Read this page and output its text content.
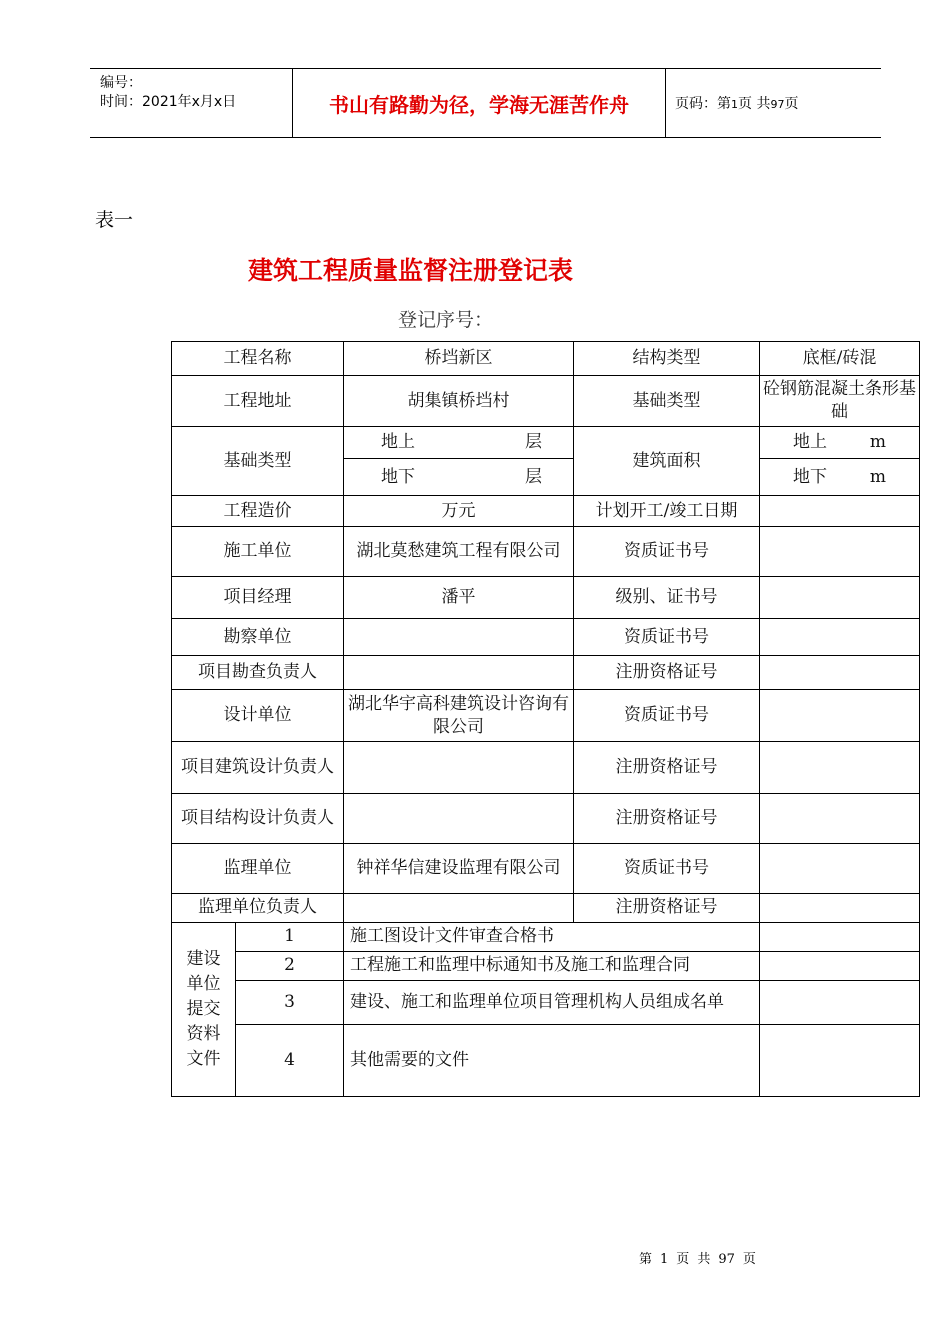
编号：
时间：2021年x月x日	书山有路勤为径，学海无涯苦作舟	页码：第1页 共97页
表一
建筑工程质量监督注册登记表
登记序号：
工程名称		桥垱新区	结构类型	底框/砖混
工程地址		胡集镇桥垱村	基础类型	砼钢筋混凝土条形基础
基础类型		地上 层	建筑面积	地上 m

		地下 层		地下 m

工程造价		万元	计划开工/竣工日期	
施工单位		湖北莫愁建筑工程有限公司	资质证书号	
项目经理		潘平	级别、证书号	
勘察单位			资质证书号	
项目勘查负责人			注册资格证号	
设计单位		湖北华宇高科建筑设计咨询有限公司	资质证书号	
项目建筑设计负责人			注册资格证号	
项目结构设计负责人			注册资格证号	
监理单位		钟祥华信建设监理有限公司	资质证书号	
监理单位负责人			注册资格证号	

建设单位提交资料文件	1	施工图设计文件审查合格书		
	2	工程施工和监理中标通知书及施工和监理合同		
	3	建设、施工和监理单位项目管理机构人员组成名单		
	4	其他需要的文件		
第 1 页 共 97 页
